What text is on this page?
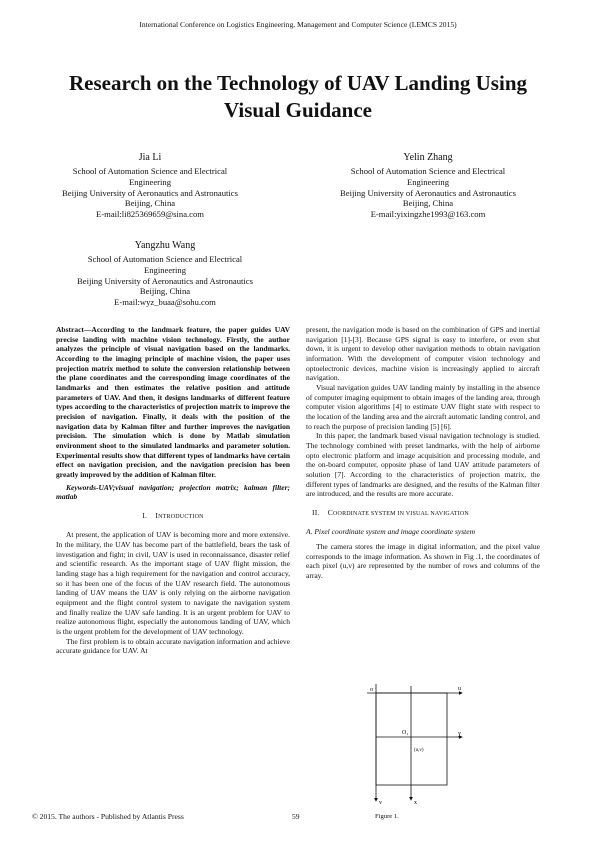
International Conference on Logistics Engineering, Management and Computer Science (LEMCS 2015)
Research on the Technology of UAV Landing Using Visual Guidance
Jia Li
School of Automation Science and Electrical Engineering
Beijing University of Aeronautics and Astronautics
Beijing, China
E-mail:li825369659@sina.com
Yelin Zhang
School of Automation Science and Electrical Engineering
Beijing University of Aeronautics and Astronautics
Beijing, China
E-mail:yixingzhe1993@163.com
Yangzhu Wang
School of Automation Science and Electrical Engineering
Beijing University of Aeronautics and Astronautics
Beijing, China
E-mail:wyz_buaa@sohu.com

Abstract—According to the landmark feature, the paper guides UAV precise landing with machine vision technology. Firstly, the author analyzes the principle of visual navigation based on the landmarks. According to the imaging principle of machine vision, the paper uses projection matrix method to solute the conversion relationship between the plane coordinates and the corresponding image coordinates of the landmarks and then estimates the relative position and attitude parameters of UAV. And then, it designs landmarks of different feature types according to the characteristics of projection matrix to improve the precision of navigation. Finally, it deals with the position of the navigation data by Kalman filter and further improves the navigation precision. The simulation which is done by Matlab simulation environment shoot to the simulated landmarks and parameter solution. Experimental results show that different types of landmarks have certain effect on navigation precision, and the navigation precision has been greatly improved by the addition of Kalman filter.

Keywords-UAV;visual navigation; projection matrix; kalman filter; matlab

I. INTRODUCTION

At present, the application of UAV is becoming more and more extensive. In the military, the UAV has become part of the battlefield, bears the task of investigation and fight; in civil, UAV is used in reconnaissance, disaster relief and scientific research. As the important stage of UAV flight mission, the landing stage has a high requirement for the navigation and control accuracy, so it has been one of the focus of the UAV research field. The autonomous landing of UAV means the UAV is only relying on the airborne navigation equipment and the flight control system to navigate the navigation system and finally realize the UAV safe landing. It is an urgent problem for UAV to realize autonomous flight, especially the autonomous landing of UAV, which is the urgent problem for the development of UAV technology.

The first problem is to obtain accurate navigation information and achieve accurate guidance for UAV. At

present, the navigation mode is based on the combination of GPS and inertial navigation [1]-[3]. Because GPS signal is easy to interfere, or even shut down, it is urgent to develop other navigation methods to obtain navigation information. With the development of computer vision technology and optoelectronic devices, machine vision is increasingly applied to aircraft navigation.

Visual navigation guides UAV landing mainly by installing in the absence of computer imaging equipment to obtain images of the landing area, through computer vision algorithms [4] to estimate UAV flight state with respect to the location of the landing area and the aircraft automatic landing control, and to reach the purpose of precision landing [5] [6].

In this paper, the landmark based visual navigation technology is studied. The technology combined with preset landmarks, with the help of airborne opto electronic platform and image acquisition and processing module, and the on-board computer, opposite phase of land UAV attitude parameters of solution [7]. According to the characteristics of projection matrix, the different types of landmarks are designed, and the results of the Kalman filter are introduced, and the results are more accurate.

II. COORDINATE SYSTEM IN VISUAL NAVIGATION

A. Pixel coordinate system and image coordinate system

The camera stores the image in digital information, and the pixel value corresponds to the image information. As shown in Fig .1, the coordinates of each pixel (u,v) are represented by the number of rows and columns of the array.

o
O₁
(u,v)
u
y
x
v
Figure 1.
© 2015. The authors - Published by Atlantis Press	59
